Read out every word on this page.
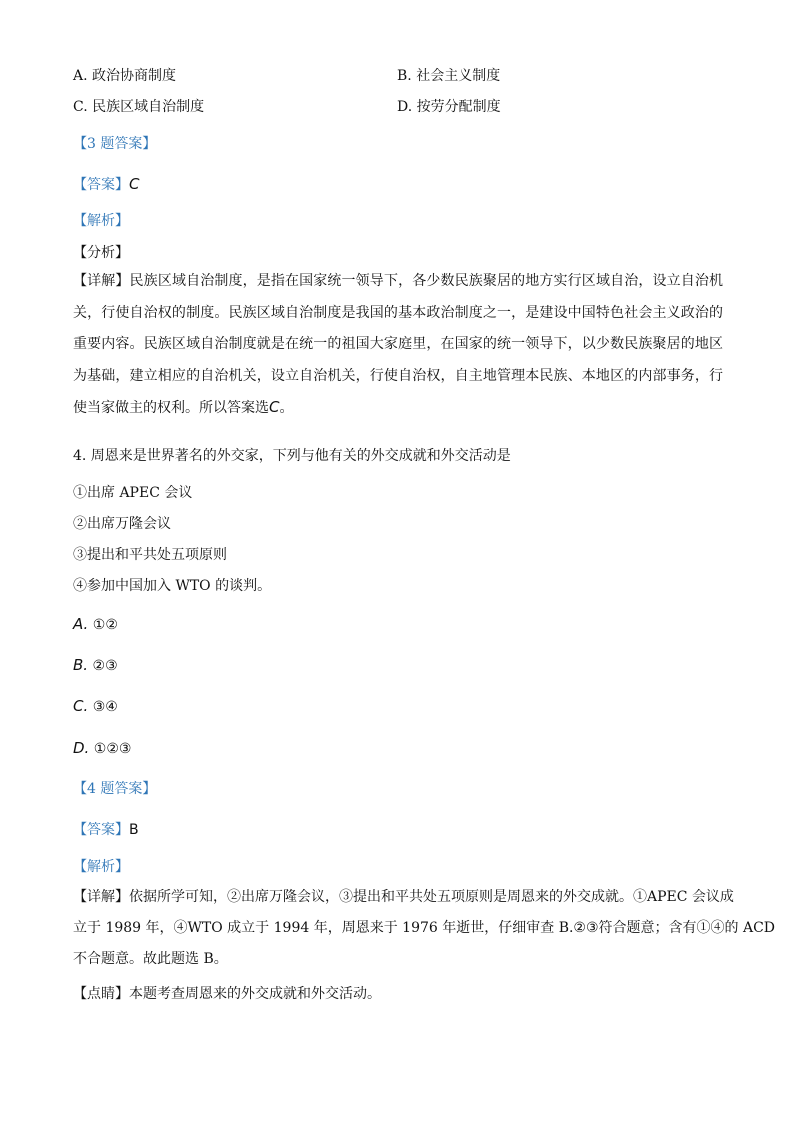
A. 政治协商制度	B. 社会主义制度
C. 民族区域自治制度	D. 按劳分配制度
【3 题答案】
【答案】C
【解析】
【分析】
【详解】民族区域自治制度，是指在国家统一领导下，各少数民族聚居的地方实行区域自治，设立自治机关，行使自治权的制度。民族区域自治制度是我国的基本政治制度之一，是建设中国特色社会主义政治的重要内容。民族区域自治制度就是在统一的祖国大家庭里，在国家的统一领导下，以少数民族聚居的地区为基础，建立相应的自治机关，设立自治机关，行使自治权，自主地管理本民族、本地区的内部事务，行使当家做主的权利。所以答案选C。
4. 周恩来是世界著名的外交家，下列与他有关的外交成就和外交活动是
①出席 APEC 会议
②出席万隆会议
③提出和平共处五项原则
④参加中国加入 WTO 的谈判。
A. ①②
B. ②③
C. ③④
D. ①②③
【4 题答案】
【答案】B
【解析】
【详解】依据所学可知，②出席万隆会议，③提出和平共处五项原则是周恩来的外交成就。①APEC 会议成
立于 1989 年，④WTO 成立于 1994 年，周恩来于 1976 年逝世，仔细审查 B.②③符合题意；含有①④的 ACD
不合题意。故此题选 B。
【点睛】本题考查周恩来的外交成就和外交活动。
